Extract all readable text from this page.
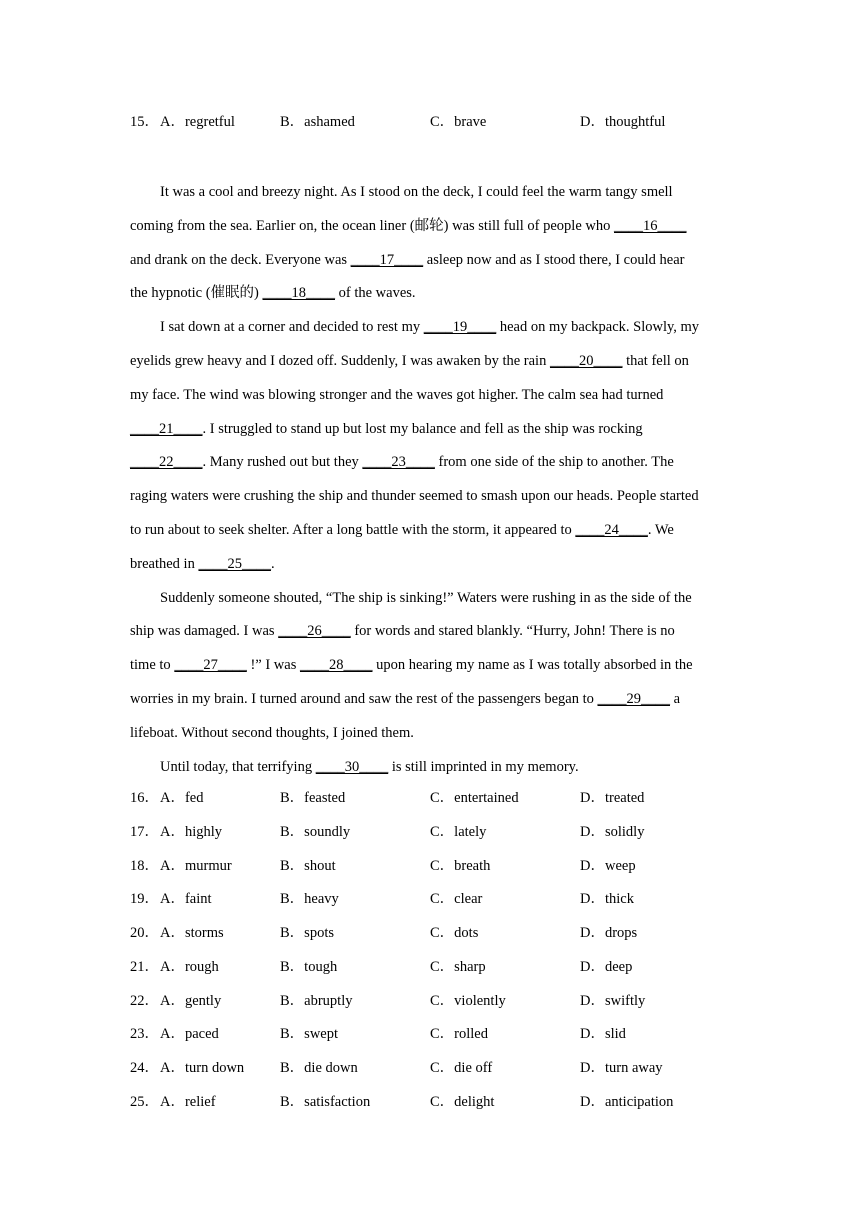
15． A．regretful	B．ashamed	C．brave	D．thoughtful
It was a cool and breezy night. As I stood on the deck, I could feel the warm tangy smell
coming from the sea. Earlier on, the ocean liner (邮轮) was still full of people who ____16____
and drank on the deck. Everyone was ____17____ asleep now and as I stood there, I could hear
the hypnotic (催眠的) ____18____ of the waves.
I sat down at a corner and decided to rest my ____19____ head on my backpack. Slowly, my
eyelids grew heavy and I dozed off. Suddenly, I was awaken by the rain ____20____ that fell on
my face. The wind was blowing stronger and the waves got higher. The calm sea had turned
____21____. I struggled to stand up but lost my balance and fell as the ship was rocking
____22____. Many rushed out but they ____23____ from one side of the ship to another. The
raging waters were crushing the ship and thunder seemed to smash upon our heads. People started
to run about to seek shelter. After a long battle with the storm, it appeared to ____24____. We
breathed in ____25____.
Suddenly someone shouted, “The ship is sinking!” Waters were rushing in as the side of the
ship was damaged. I was ____26____ for words and stared blankly. “Hurry, John! There is no
time to ____27____ !” I was ____28____ upon hearing my name as I was totally absorbed in the
worries in my brain. I turned around and saw the rest of the passengers began to ____29____ a
lifeboat. Without second thoughts, I joined them.
Until today, that terrifying ____30____ is still imprinted in my memory.
16． A．fed	B．feasted	C．entertained	D．treated
17． A．highly	B．soundly	C．lately	D．solidly
18． A．murmur	B．shout	C．breath	D．weep
19． A．faint	B．heavy	C．clear	D．thick
20． A．storms	B．spots	C．dots	D．drops
21． A．rough	B．tough	C．sharp	D．deep
22． A．gently	B．abruptly	C．violently	D．swiftly
23． A．paced	B．swept	C．rolled	D．slid
24． A．turn down B．die down	C．die off	D．turn away
25． A．relief	B．satisfaction	C．delight	D．anticipation
